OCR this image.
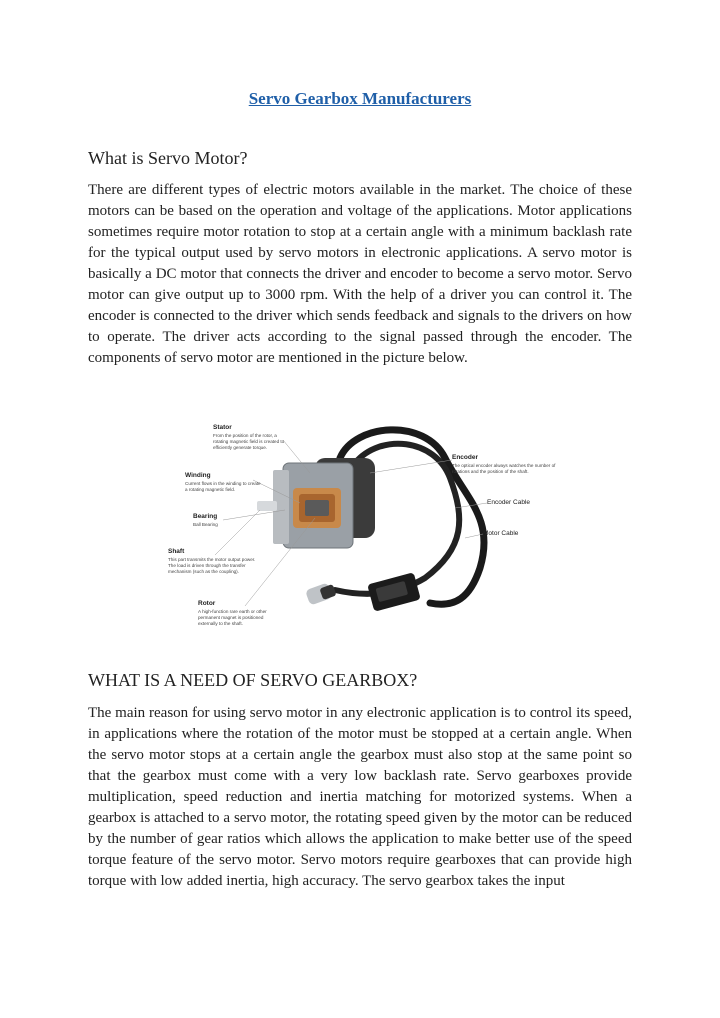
Servo Gearbox Manufacturers
What is Servo Motor?
There are different types of electric motors available in the market. The choice of these motors can be based on the operation and voltage of the applications. Motor applications sometimes require motor rotation to stop at a certain angle with a minimum backlash rate for the typical output used by servo motors in electronic applications. A servo motor is basically a DC motor that connects the driver and encoder to become a servo motor. Servo motor can give output up to 3000 rpm. With the help of a driver you can control it. The encoder is connected to the driver which sends feedback and signals to the drivers on how to operate. The driver acts according to the signal passed through the encoder. The components of servo motor are mentioned in the picture below.
Stator
From the position of the rotor, a rotating magnetic field is created to efficiently generate torque.
Winding
Current flows in the winding to create a rotating magnetic field.
Bearing
Ball Bearing
Shaft
This part transmits the motor output power. The load is driven through the transfer mechanism (such as the coupling).
Rotor
A high-function rare earth or other permanent magnet is positioned externally to the shaft.
Encoder
The optical encoder always watches the number of rotations and the position of the shaft.
Encoder Cable
Motor Cable
WHAT IS A NEED OF SERVO GEARBOX?
The main reason for using servo motor in any electronic application is to control its speed, in applications where the rotation of the motor must be stopped at a certain angle. When the servo motor stops at a certain angle the gearbox must also stop at the same point so that the gearbox must come with a very low backlash rate. Servo gearboxes provide multiplication, speed reduction and inertia matching for motorized systems. When a gearbox is attached to a servo motor, the rotating speed given by the motor can be reduced by the number of gear ratios which allows the application to make better use of the speed torque feature of the servo motor. Servo motors require gearboxes that can provide high torque with low added inertia, high accuracy. The servo gearbox takes the input
